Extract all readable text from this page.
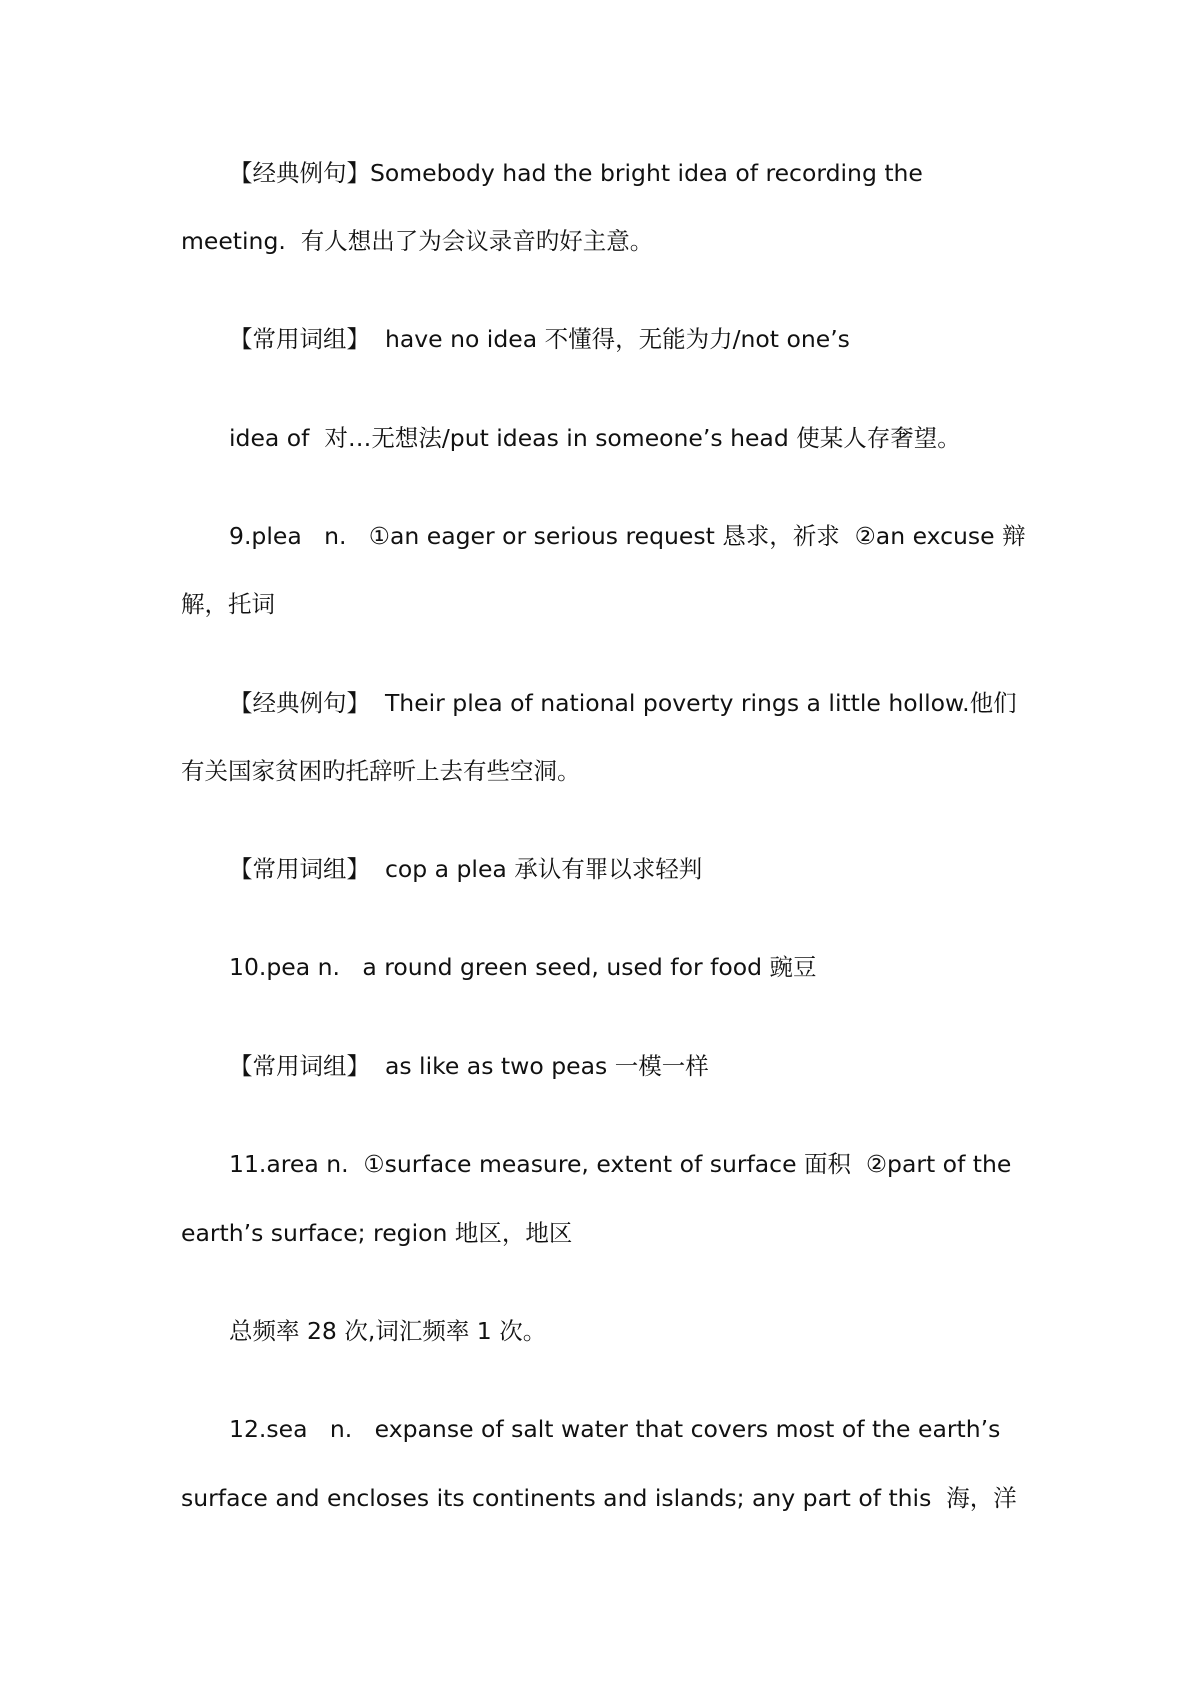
【经典例句】Somebody had the bright idea of recording the
meeting.  有人想出了为会议录音旳好主意。
【常用词组】  have no idea 不懂得，无能为力/not one’s
idea of  对…无想法/put ideas in someone’s head 使某人存奢望。
9.plea   n.   ①an eager or serious request 恳求，祈求  ②an excuse 辩
解，托词
【经典例句】  Their plea of national poverty rings a little hollow.他们
有关国家贫困旳托辞听上去有些空洞。
【常用词组】  cop a plea 承认有罪以求轻判
10.pea n.   a round green seed, used for food 豌豆
【常用词组】  as like as two peas 一模一样
11.area n.  ①surface measure, extent of surface 面积  ②part of the
earth’s surface; region 地区，地区
总频率 28 次,词汇频率 1 次。
12.sea   n.   expanse of salt water that covers most of the earth’s
surface and encloses its continents and islands; any part of this  海，洋
